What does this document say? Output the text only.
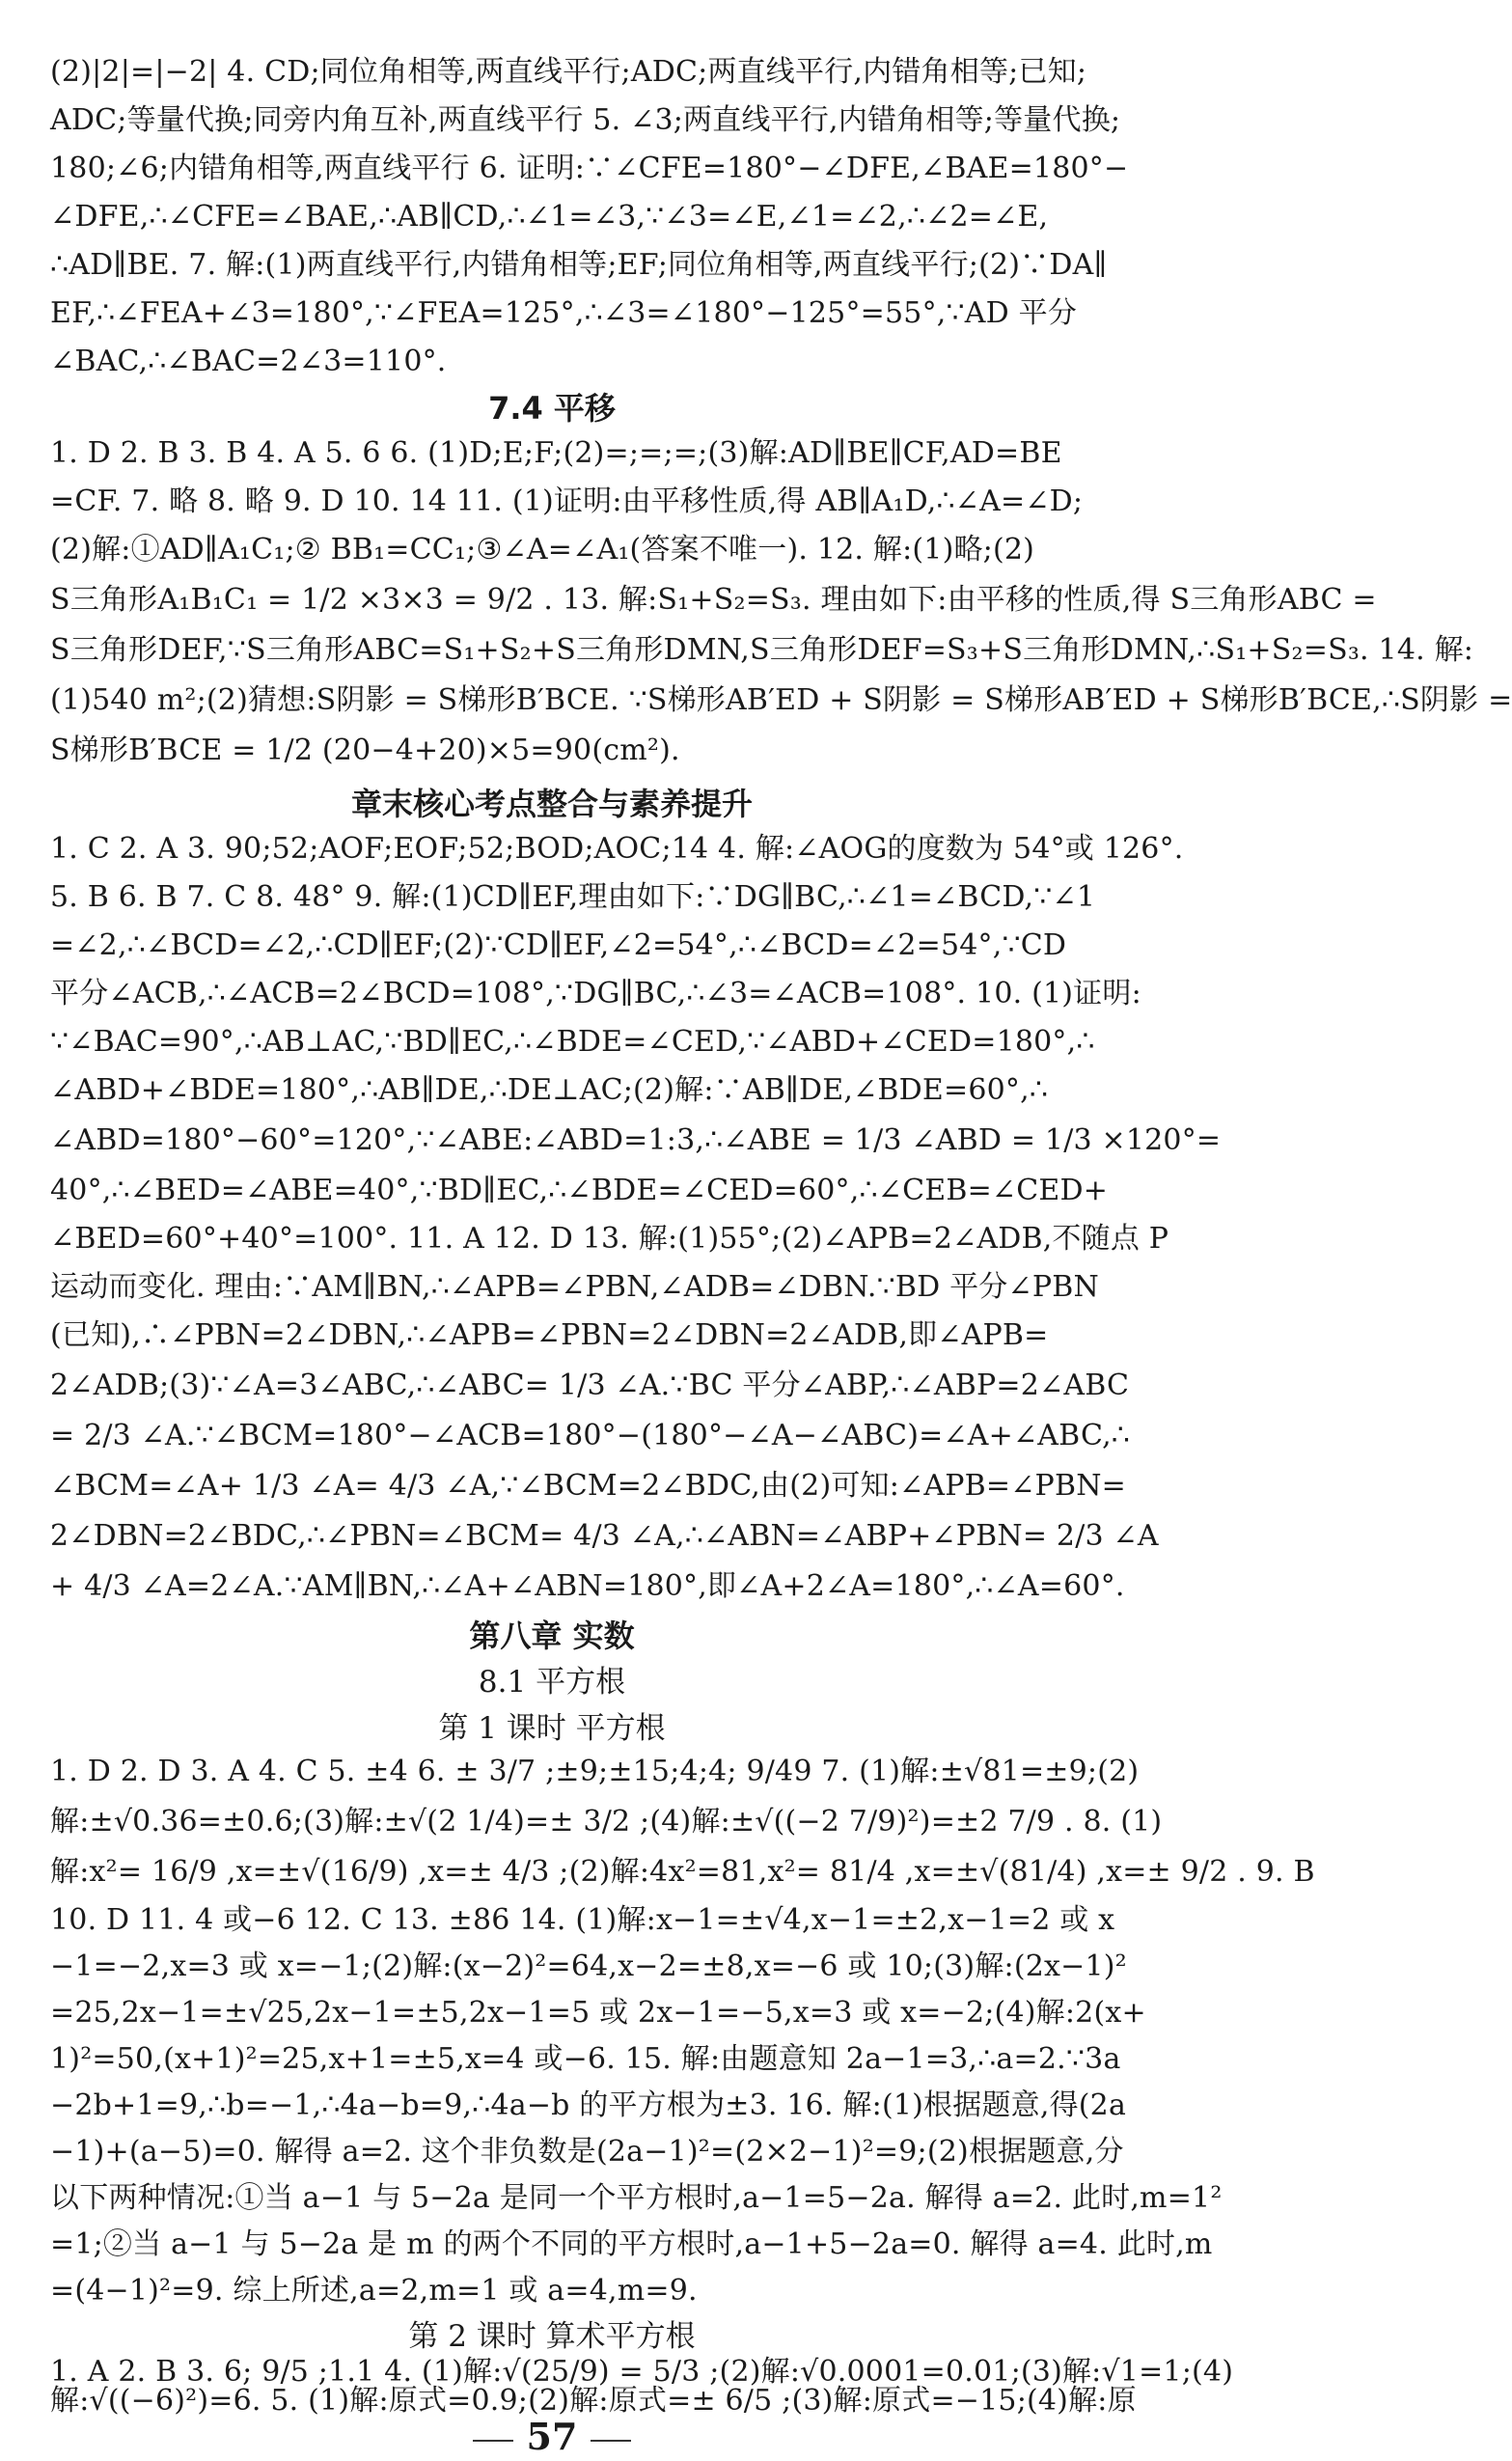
(2)|2|=|−2| 4. CD;同位角相等,两直线平行;ADC;两直线平行,内错角相等;已知;
ADC;等量代换;同旁内角互补,两直线平行 5. ∠3;两直线平行,内错角相等;等量代换;
180;∠6;内错角相等,两直线平行 6. 证明:∵∠CFE=180°−∠DFE,∠BAE=180°−
∠DFE,∴∠CFE=∠BAE,∴AB∥CD,∴∠1=∠3,∵∠3=∠E,∠1=∠2,∴∠2=∠E,
∴AD∥BE. 7. 解:(1)两直线平行,内错角相等;EF;同位角相等,两直线平行;(2)∵DA∥
EF,∴∠FEA+∠3=180°,∵∠FEA=125°,∴∠3=∠180°−125°=55°,∵AD 平分
∠BAC,∴∠BAC=2∠3=110°.
7.4 平移
1. D 2. B 3. B 4. A 5. 6 6. (1)D;E;F;(2)=;=;=;(3)解:AD∥BE∥CF,AD=BE
=CF. 7. 略 8. 略 9. D 10. 14 11. (1)证明:由平移性质,得 AB∥A₁D,∴∠A=∠D;
(2)解:①AD∥A₁C₁;② BB₁=CC₁;③∠A=∠A₁(答案不唯一). 12. 解:(1)略;(2)
S三角形A₁B₁C₁ = 1/2 ×3×3 = 9/2 . 13. 解:S₁+S₂=S₃. 理由如下:由平移的性质,得 S三角形ABC =
S三角形DEF,∵S三角形ABC=S₁+S₂+S三角形DMN,S三角形DEF=S₃+S三角形DMN,∴S₁+S₂=S₃. 14. 解:
(1)540 m²;(2)猜想:S阴影 = S梯形B′BCE. ∵S梯形AB′ED + S阴影 = S梯形AB′ED + S梯形B′BCE,∴S阴影 =
S梯形B′BCE = 1/2 (20−4+20)×5=90(cm²).
章末核心考点整合与素养提升
1. C 2. A 3. 90;52;AOF;EOF;52;BOD;AOC;14 4. 解:∠AOG的度数为 54°或 126°.
5. B 6. B 7. C 8. 48° 9. 解:(1)CD∥EF,理由如下:∵DG∥BC,∴∠1=∠BCD,∵∠1
=∠2,∴∠BCD=∠2,∴CD∥EF;(2)∵CD∥EF,∠2=54°,∴∠BCD=∠2=54°,∵CD
平分∠ACB,∴∠ACB=2∠BCD=108°,∵DG∥BC,∴∠3=∠ACB=108°. 10. (1)证明:
∵∠BAC=90°,∴AB⊥AC,∵BD∥EC,∴∠BDE=∠CED,∵∠ABD+∠CED=180°,∴
∠ABD+∠BDE=180°,∴AB∥DE,∴DE⊥AC;(2)解:∵AB∥DE,∠BDE=60°,∴
∠ABD=180°−60°=120°,∵∠ABE:∠ABD=1:3,∴∠ABE = 1/3 ∠ABD = 1/3 ×120°=
40°,∴∠BED=∠ABE=40°,∵BD∥EC,∴∠BDE=∠CED=60°,∴∠CEB=∠CED+
∠BED=60°+40°=100°. 11. A 12. D 13. 解:(1)55°;(2)∠APB=2∠ADB,不随点 P
运动而变化. 理由:∵AM∥BN,∴∠APB=∠PBN,∠ADB=∠DBN.∵BD 平分∠PBN
(已知),∴∠PBN=2∠DBN,∴∠APB=∠PBN=2∠DBN=2∠ADB,即∠APB=
2∠ADB;(3)∵∠A=3∠ABC,∴∠ABC= 1/3 ∠A.∵BC 平分∠ABP,∴∠ABP=2∠ABC
= 2/3 ∠A.∵∠BCM=180°−∠ACB=180°−(180°−∠A−∠ABC)=∠A+∠ABC,∴
∠BCM=∠A+ 1/3 ∠A= 4/3 ∠A,∵∠BCM=2∠BDC,由(2)可知:∠APB=∠PBN=
2∠DBN=2∠BDC,∴∠PBN=∠BCM= 4/3 ∠A,∴∠ABN=∠ABP+∠PBN= 2/3 ∠A
+ 4/3 ∠A=2∠A.∵AM∥BN,∴∠A+∠ABN=180°,即∠A+2∠A=180°,∴∠A=60°.
第八章 实数
8.1 平方根
第 1 课时 平方根
1. D 2. D 3. A 4. C 5. ±4 6. ± 3/7 ;±9;±15;4;4; 9/49 7. (1)解:±√81=±9;(2)
解:±√0.36=±0.6;(3)解:±√(2 1/4)=± 3/2 ;(4)解:±√((−2 7/9)²)=±2 7/9 . 8. (1)
解:x²= 16/9 ,x=±√(16/9) ,x=± 4/3 ;(2)解:4x²=81,x²= 81/4 ,x=±√(81/4) ,x=± 9/2 . 9. B
10. D 11. 4 或−6 12. C 13. ±86 14. (1)解:x−1=±√4,x−1=±2,x−1=2 或 x
−1=−2,x=3 或 x=−1;(2)解:(x−2)²=64,x−2=±8,x=−6 或 10;(3)解:(2x−1)²
=25,2x−1=±√25,2x−1=±5,2x−1=5 或 2x−1=−5,x=3 或 x=−2;(4)解:2(x+
1)²=50,(x+1)²=25,x+1=±5,x=4 或−6. 15. 解:由题意知 2a−1=3,∴a=2.∵3a
−2b+1=9,∴b=−1,∴4a−b=9,∴4a−b 的平方根为±3. 16. 解:(1)根据题意,得(2a
−1)+(a−5)=0. 解得 a=2. 这个非负数是(2a−1)²=(2×2−1)²=9;(2)根据题意,分
以下两种情况:①当 a−1 与 5−2a 是同一个平方根时,a−1=5−2a. 解得 a=2. 此时,m=1²
=1;②当 a−1 与 5−2a 是 m 的两个不同的平方根时,a−1+5−2a=0. 解得 a=4. 此时,m
=(4−1)²=9. 综上所述,a=2,m=1 或 a=4,m=9.
57
第 2 课时 算术平方根
1. A 2. B 3. 6; 9/5 ;1.1 4. (1)解:√(25/9) = 5/3 ;(2)解:√0.0001=0.01;(3)解:√1=1;(4)
解:√((−6)²)=6. 5. (1)解:原式=0.9;(2)解:原式=± 6/5 ;(3)解:原式=−15;(4)解:原
